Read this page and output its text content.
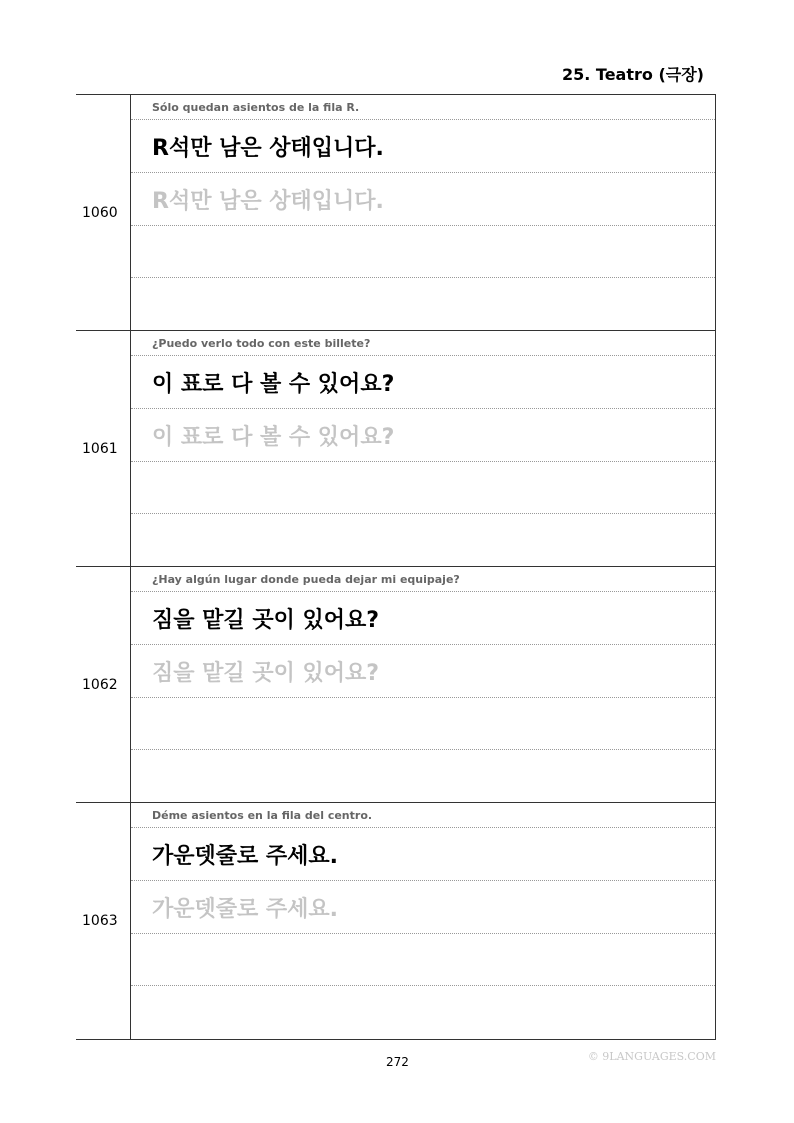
25. Teatro (극장)
1060
Sólo quedan asientos de la fila R.
R석만 남은 상태입니다.
R석만 남은 상태입니다.
1061
¿Puedo verlo todo con este billete?
이 표로 다 볼 수 있어요?
이 표로 다 볼 수 있어요?
1062
¿Hay algún lugar donde pueda dejar mi equipaje?
짐을 맡길 곳이 있어요?
짐을 맡길 곳이 있어요?
1063
Déme asientos en la fila del centro.
가운뎃줄로 주세요.
가운뎃줄로 주세요.
272	© 9LANGUAGES.COM
